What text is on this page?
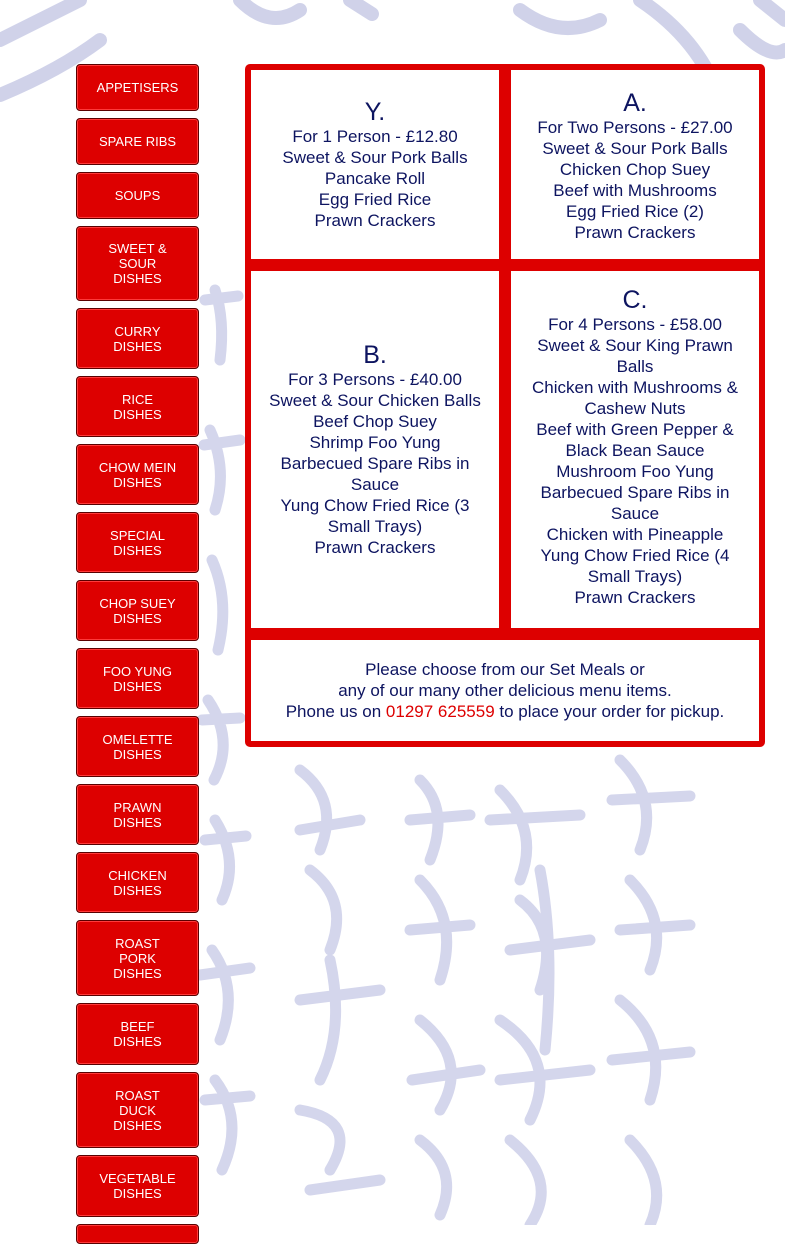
APPETISERS
SPARE RIBS
SOUPS
SWEET &
SOUR
DISHES
CURRY
DISHES
RICE
DISHES
CHOW MEIN
DISHES
SPECIAL
DISHES
CHOP SUEY
DISHES
FOO YUNG
DISHES
OMELETTE
DISHES
PRAWN
DISHES
CHICKEN
DISHES
ROAST
PORK
DISHES
BEEF
DISHES
ROAST
DUCK
DISHES
VEGETABLE
DISHES
Y.
For 1 Person - £12.80
Sweet & Sour Pork Balls
Pancake Roll
Egg Fried Rice
Prawn Crackers
A.
For Two Persons - £27.00
Sweet & Sour Pork Balls
Chicken Chop Suey
Beef with Mushrooms
Egg Fried Rice (2)
Prawn Crackers
B.
For 3 Persons - £40.00
Sweet & Sour Chicken Balls
Beef Chop Suey
Shrimp Foo Yung
Barbecued Spare Ribs in Sauce
Yung Chow Fried Rice (3 Small Trays)
Prawn Crackers
C.
For 4 Persons - £58.00
Sweet & Sour King Prawn Balls
Chicken with Mushrooms & Cashew Nuts
Beef with Green Pepper & Black Bean Sauce
Mushroom Foo Yung
Barbecued Spare Ribs in Sauce
Chicken with Pineapple
Yung Chow Fried Rice (4 Small Trays)
Prawn Crackers
Please choose from our Set Meals or
any of our many other delicious menu items.
Phone us on 01297 625559 to place your order for pickup.
